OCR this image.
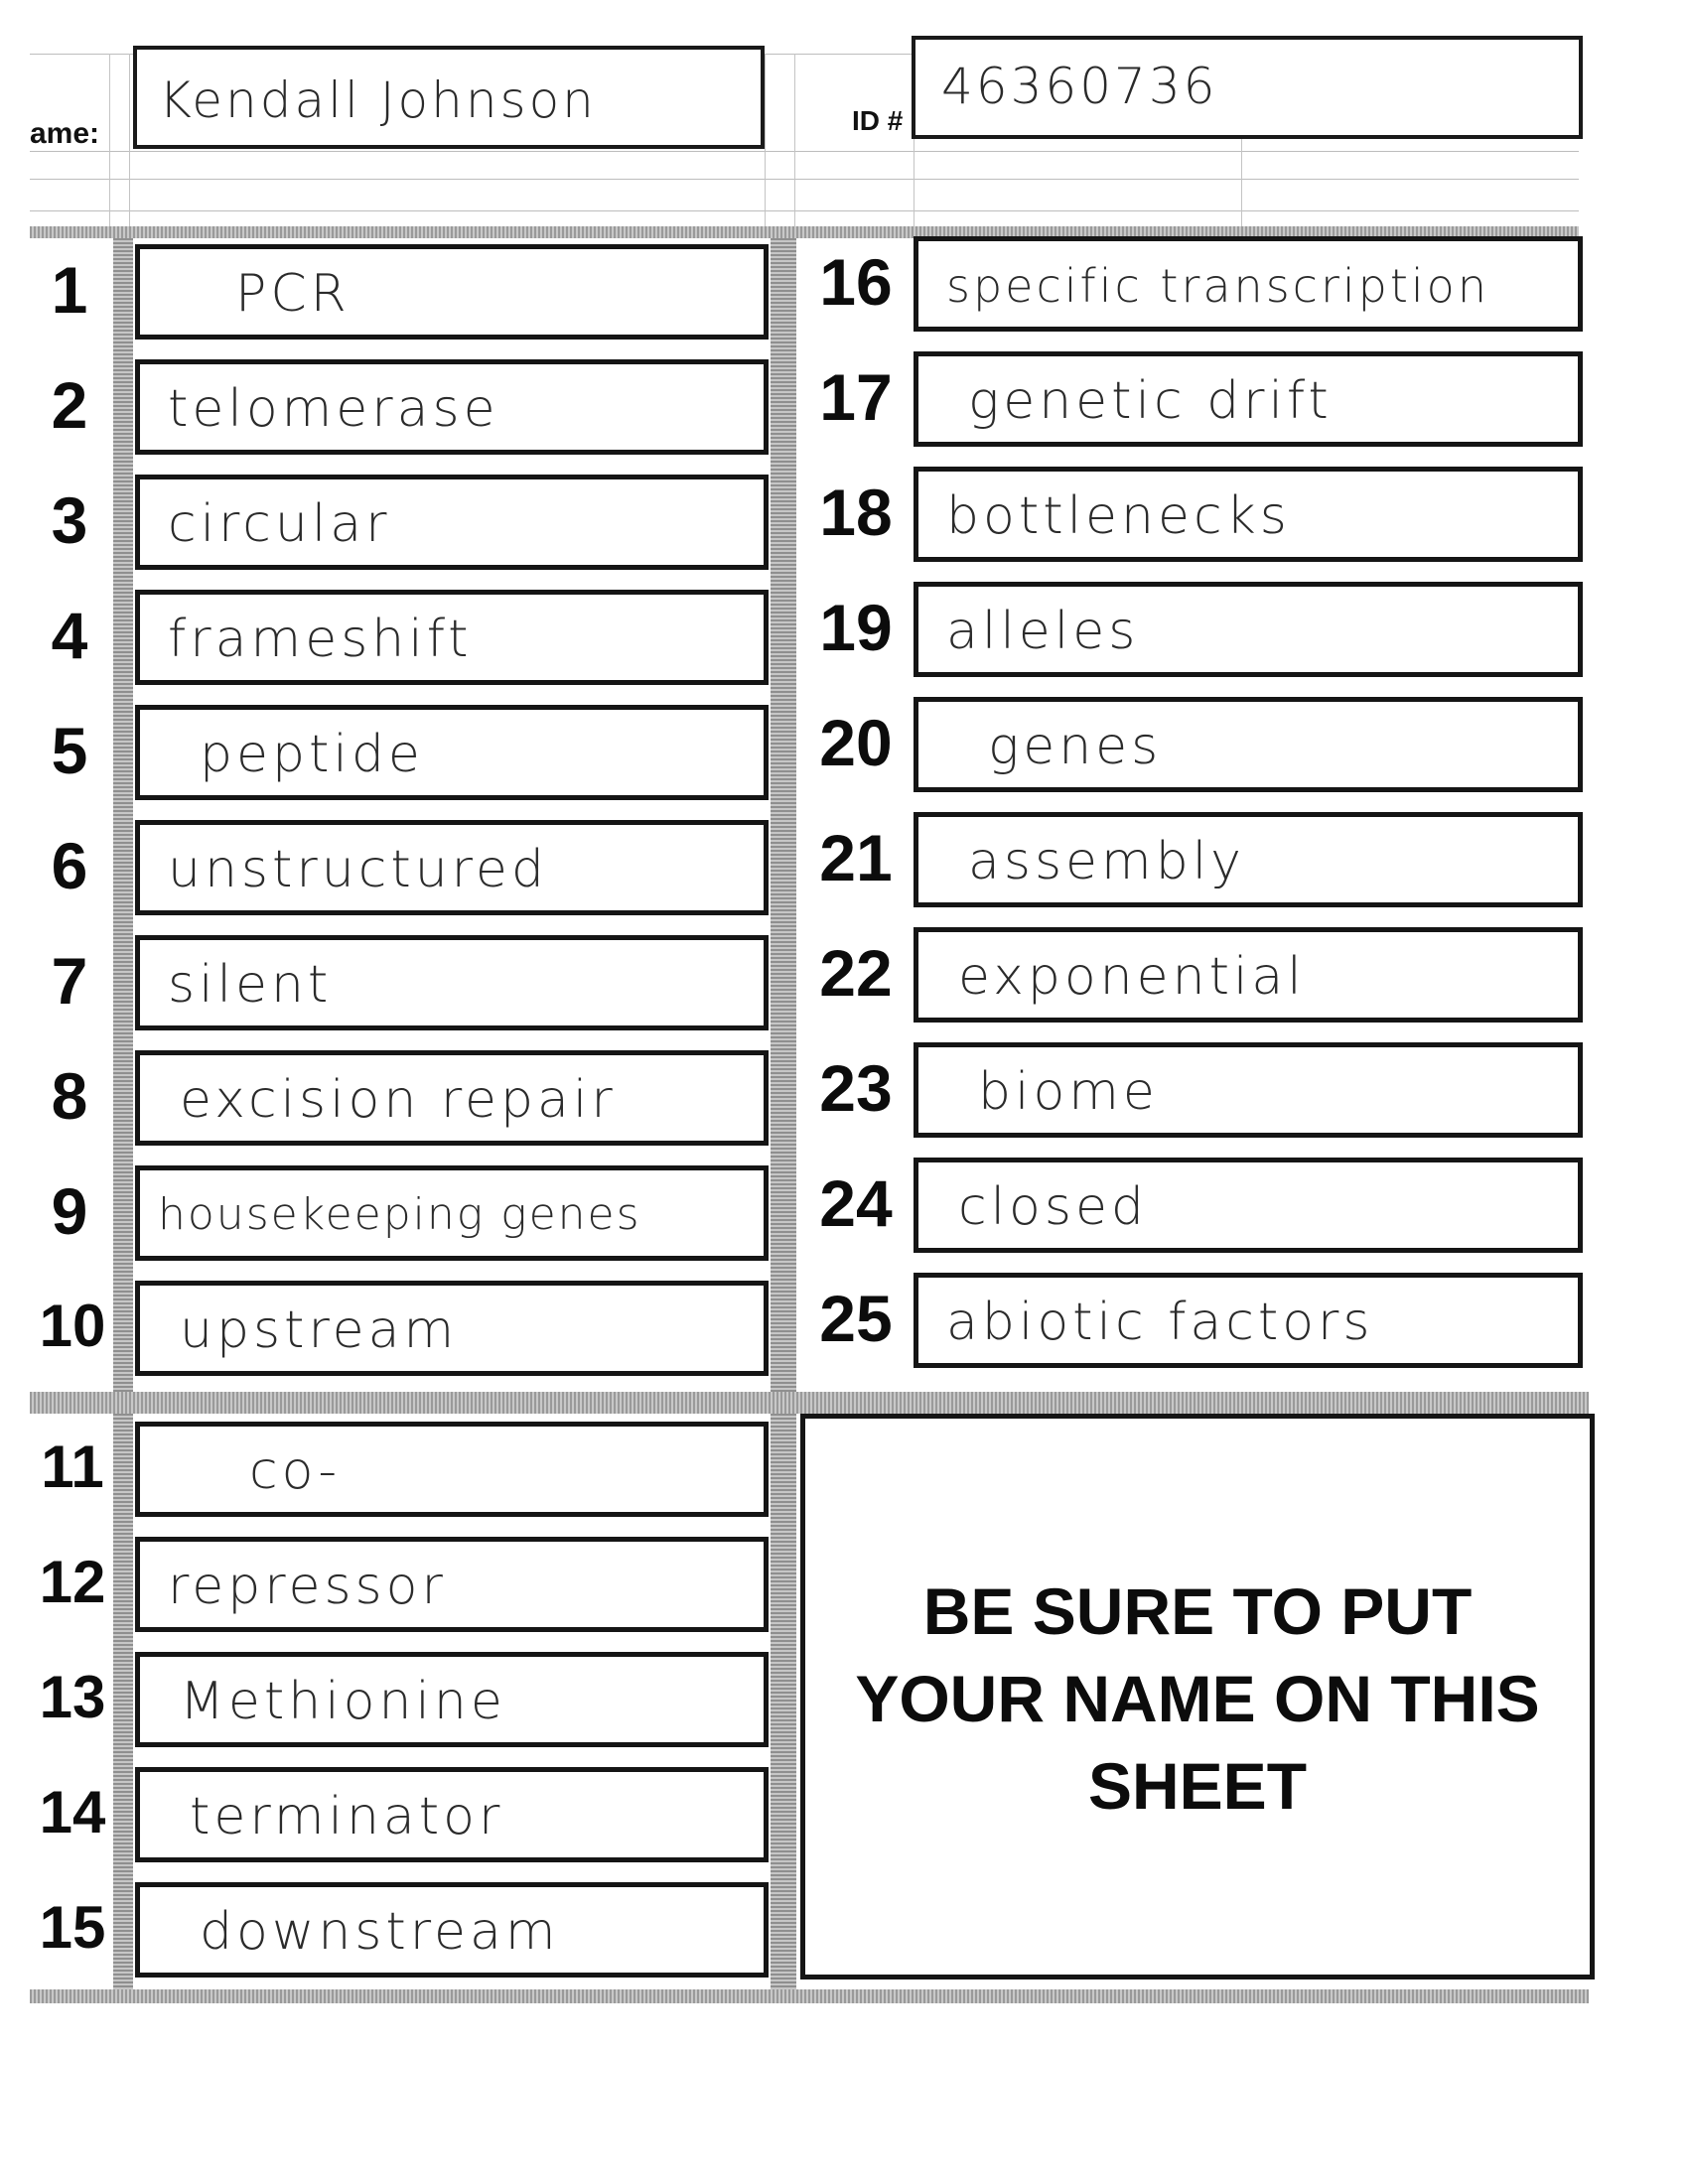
ame:
Kendall Johnson	ID #
46360736
1	PCR
2	telomerase
3	circular
4	frameshift
5	peptide
6	unstructured
7	silent
8	excision repair
9	housekeeping genes
10 upstream
11	co-
12 repressor
13 Methionine
14 terminator
15 downstream
16	specific transcription
17	genetic drift
18	bottlenecks
19	alleles
20	genes
21	assembly
22	exponential
23	biome
24	closed
25	abiotic factors
BE SURE TO PUT
YOUR NAME ON THIS
SHEET
